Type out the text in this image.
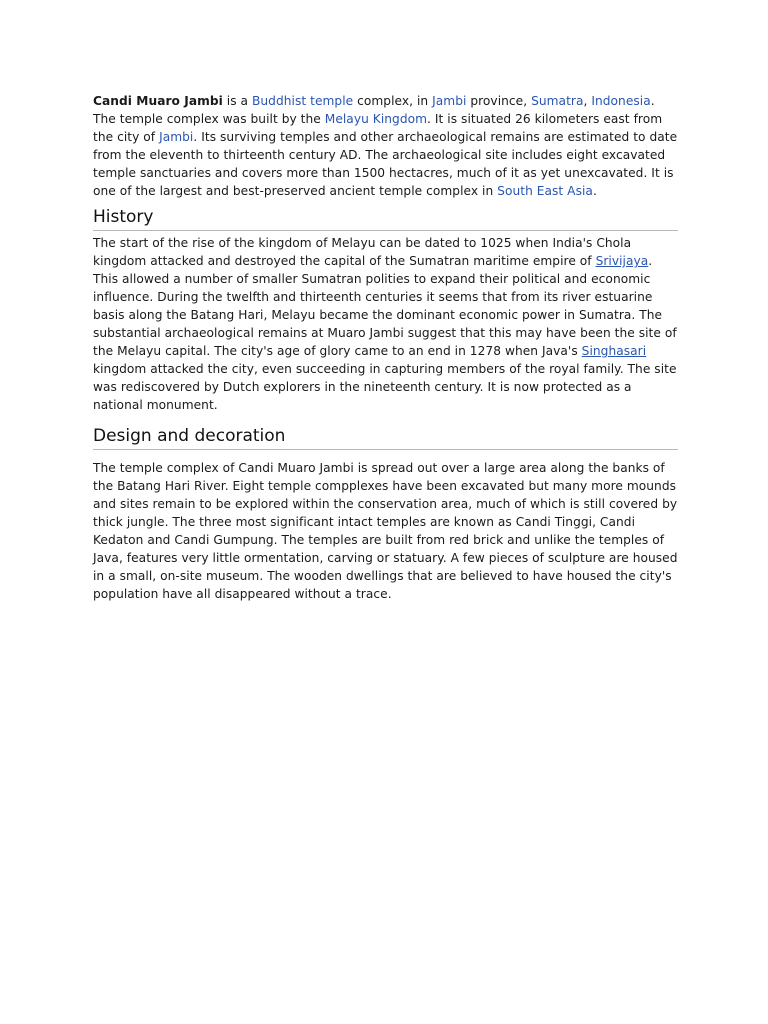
Candi Muaro Jambi is a Buddhist temple complex, in Jambi province, Sumatra, Indonesia. The temple complex was built by the Melayu Kingdom. It is situated 26 kilometers east from the city of Jambi. Its surviving temples and other archaeological remains are estimated to date from the eleventh to thirteenth century AD. The archaeological site includes eight excavated temple sanctuaries and covers more than 1500 hectacres, much of it as yet unexcavated. It is one of the largest and best-preserved ancient temple complex in South East Asia.

History

The start of the rise of the kingdom of Melayu can be dated to 1025 when India's Chola kingdom attacked and destroyed the capital of the Sumatran maritime empire of Srivijaya. This allowed a number of smaller Sumatran polities to expand their political and economic influence. During the twelfth and thirteenth centuries it seems that from its river estuarine basis along the Batang Hari, Melayu became the dominant economic power in Sumatra. The substantial archaeological remains at Muaro Jambi suggest that this may have been the site of the Melayu capital. The city's age of glory came to an end in 1278 when Java's Singhasari kingdom attacked the city, even succeeding in capturing members of the royal family. The site was rediscovered by Dutch explorers in the nineteenth century. It is now protected as a national monument.

Design and decoration

The temple complex of Candi Muaro Jambi is spread out over a large area along the banks of the Batang Hari River. Eight temple compplexes have been excavated but many more mounds and sites remain to be explored within the conservation area, much of which is still covered by thick jungle. The three most significant intact temples are known as Candi Tinggi, Candi Kedaton and Candi Gumpung. The temples are built from red brick and unlike the temples of Java, features very little ormentation, carving or statuary. A few pieces of sculpture are housed in a small, on-site museum. The wooden dwellings that are believed to have housed the city's population have all disappeared without a trace.
